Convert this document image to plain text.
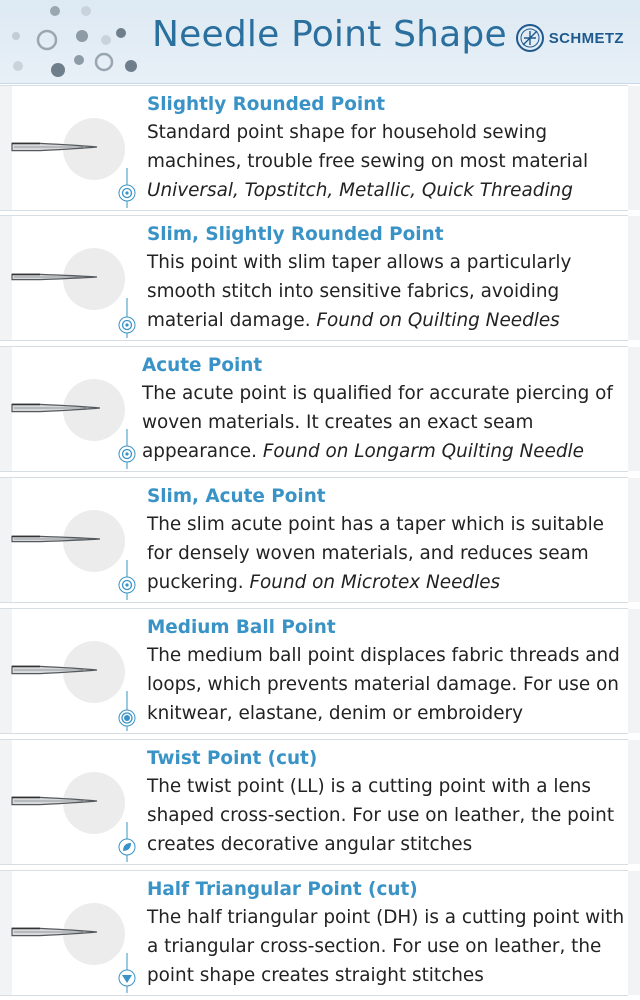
Needle Point Shape	SCHMETZ
Slightly Rounded Point
Standard point shape for household sewing machines, trouble free sewing on most material Universal, Topstitch, Metallic, Quick Threading
Slim, Slightly Rounded Point
This point with slim taper allows a particularly smooth stitch into sensitive fabrics, avoiding material damage. Found on Quilting Needles
Acute Point
The acute point is qualified for accurate piercing of woven materials. It creates an exact seam appearance. Found on Longarm Quilting Needle
Slim, Acute Point
The slim acute point has a taper which is suitable for densely woven materials, and reduces seam puckering. Found on Microtex Needles
Medium Ball Point
The medium ball point displaces fabric threads and loops, which prevents material damage. For use on knitwear, elastane, denim or embroidery
Twist Point (cut)
The twist point (LL) is a cutting point with a lens shaped cross-section. For use on leather, the point creates decorative angular stitches
Half Triangular Point (cut)
The half triangular point (DH) is a cutting point with a triangular cross-section. For use on leather, the point shape creates straight stitches
